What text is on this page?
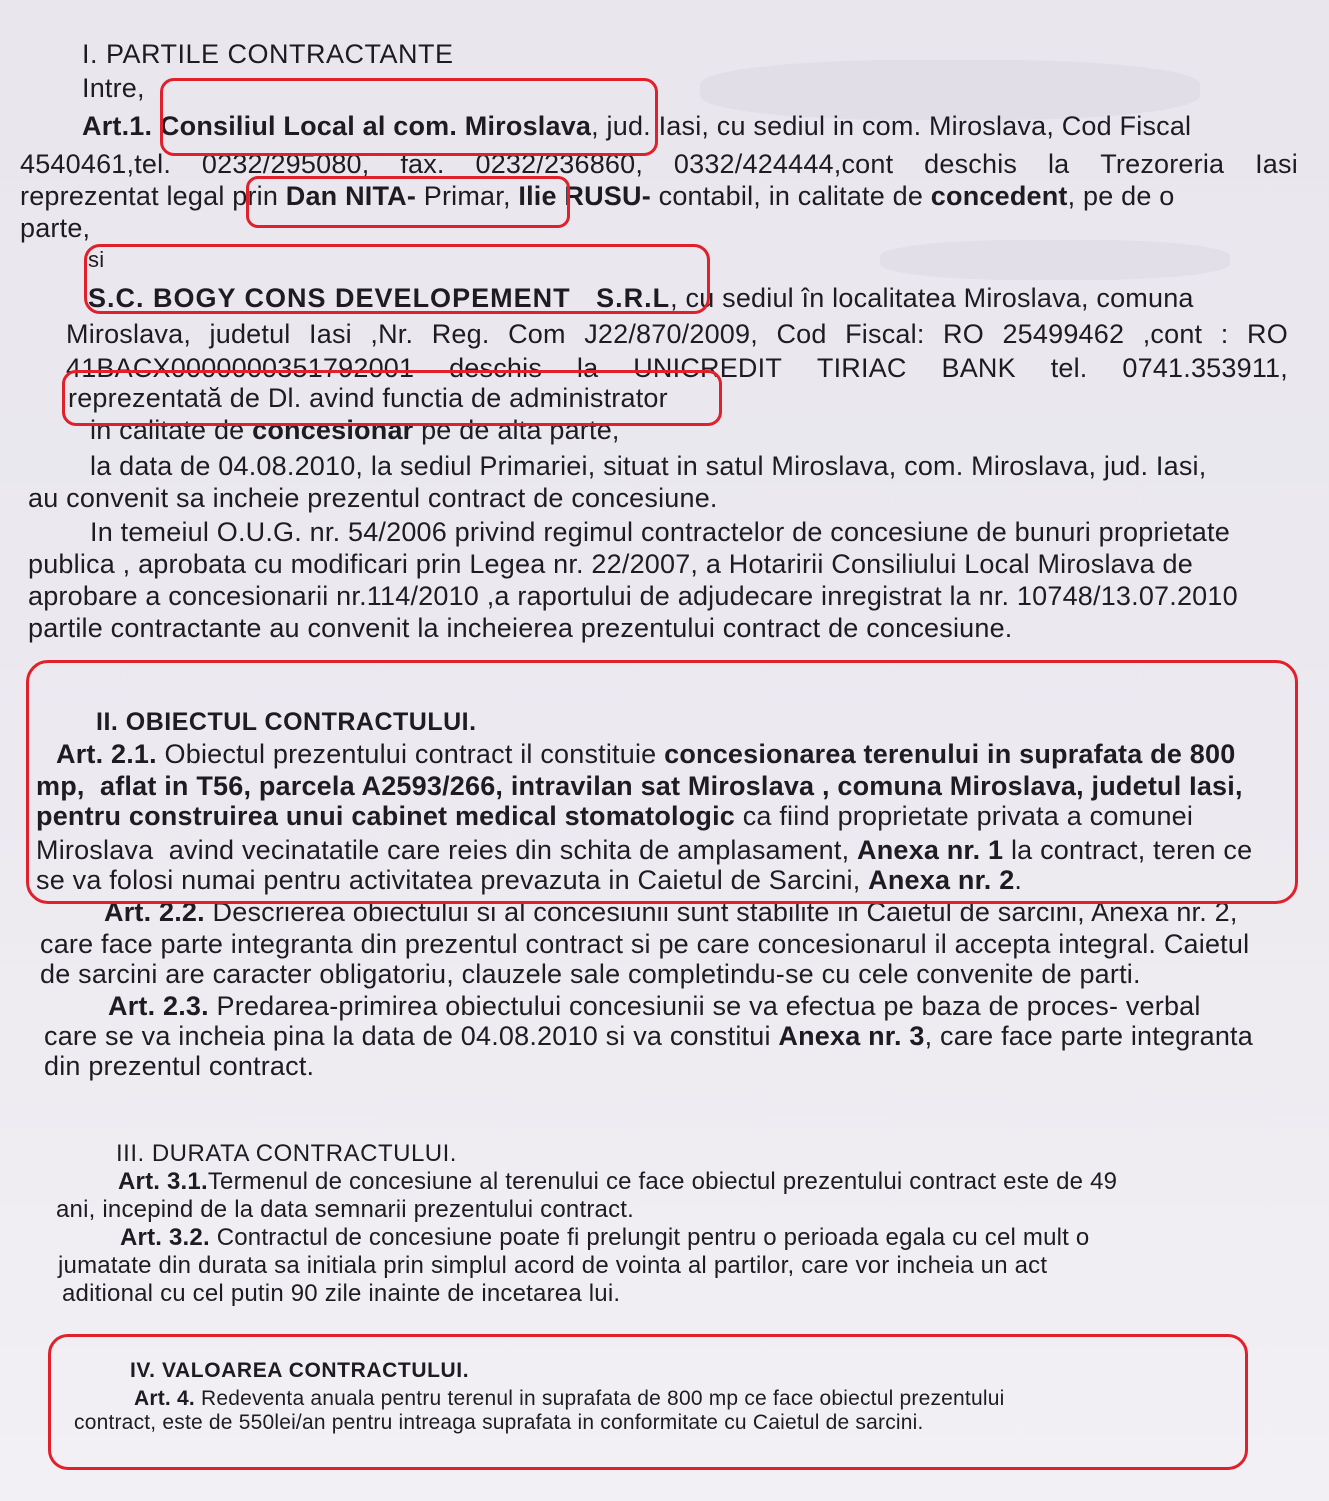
I. PARTILE CONTRACTANTE
Intre,
Art.1. Consiliul Local al com. Miroslava, jud. Iasi, cu sediul in com. Miroslava, Cod Fiscal
4540461,tel. 0232/295080, fax. 0232/236860, 0332/424444,cont deschis la Trezoreria Iasi
reprezentat legal prin Dan NITA- Primar, Ilie RUSU- contabil, in calitate de concedent, pe de o
parte,
si
S.C. BOGY CONS DEVELOPEMENT   S.R.L, cu sediul în localitatea Miroslava, comuna
Miroslava, judetul Iasi ,Nr. Reg. Com J22/870/2009, Cod Fiscal: RO 25499462 ,cont : RO
41BACX0000000351792001 deschis la UNICREDIT TIRIAC BANK tel. 0741.353911,
reprezentată de Dl. avind functia de administrator
in calitate de concesionar pe de alta parte,
la data de 04.08.2010, la sediul Primariei, situat in satul Miroslava, com. Miroslava, jud. Iasi,
au convenit sa incheie prezentul contract de concesiune.
In temeiul O.U.G. nr. 54/2006 privind regimul contractelor de concesiune de bunuri proprietate
publica , aprobata cu modificari prin Legea nr. 22/2007, a Hotaririi Consiliului Local Miroslava de
aprobare a concesionarii nr.114/2010 ,a raportului de adjudecare inregistrat la nr. 10748/13.07.2010
partile contractante au convenit la incheierea prezentului contract de concesiune.
II. OBIECTUL CONTRACTULUI.
Art. 2.1. Obiectul prezentului contract il constituie concesionarea terenului in suprafata de 800
mp,  aflat in T56, parcela A2593/266, intravilan sat Miroslava , comuna Miroslava, judetul Iasi,
pentru construirea unui cabinet medical stomatologic ca fiind proprietate privata a comunei
Miroslava  avind vecinatatile care reies din schita de amplasament, Anexa nr. 1 la contract, teren ce
se va folosi numai pentru activitatea prevazuta in Caietul de Sarcini, Anexa nr. 2.
Art. 2.2. Descrierea obiectului si al concesiunii sunt stabilite in Caietul de sarcini, Anexa nr. 2,
care face parte integranta din prezentul contract si pe care concesionarul il accepta integral. Caietul
de sarcini are caracter obligatoriu, clauzele sale completindu-se cu cele convenite de parti.
Art. 2.3. Predarea-primirea obiectului concesiunii se va efectua pe baza de proces- verbal
care se va incheia pina la data de 04.08.2010 si va constitui Anexa nr. 3, care face parte integranta
din prezentul contract.
III. DURATA CONTRACTULUI.
Art. 3.1.Termenul de concesiune al terenului ce face obiectul prezentului contract este de 49
ani, incepind de la data semnarii prezentului contract.
Art. 3.2. Contractul de concesiune poate fi prelungit pentru o perioada egala cu cel mult o
jumatate din durata sa initiala prin simplul acord de vointa al partilor, care vor incheia un act
aditional cu cel putin 90 zile inainte de incetarea lui.
IV. VALOAREA CONTRACTULUI.
Art. 4. Redeventa anuala pentru terenul in suprafata de 800 mp ce face obiectul prezentului
contract, este de 550lei/an pentru intreaga suprafata in conformitate cu Caietul de sarcini.
